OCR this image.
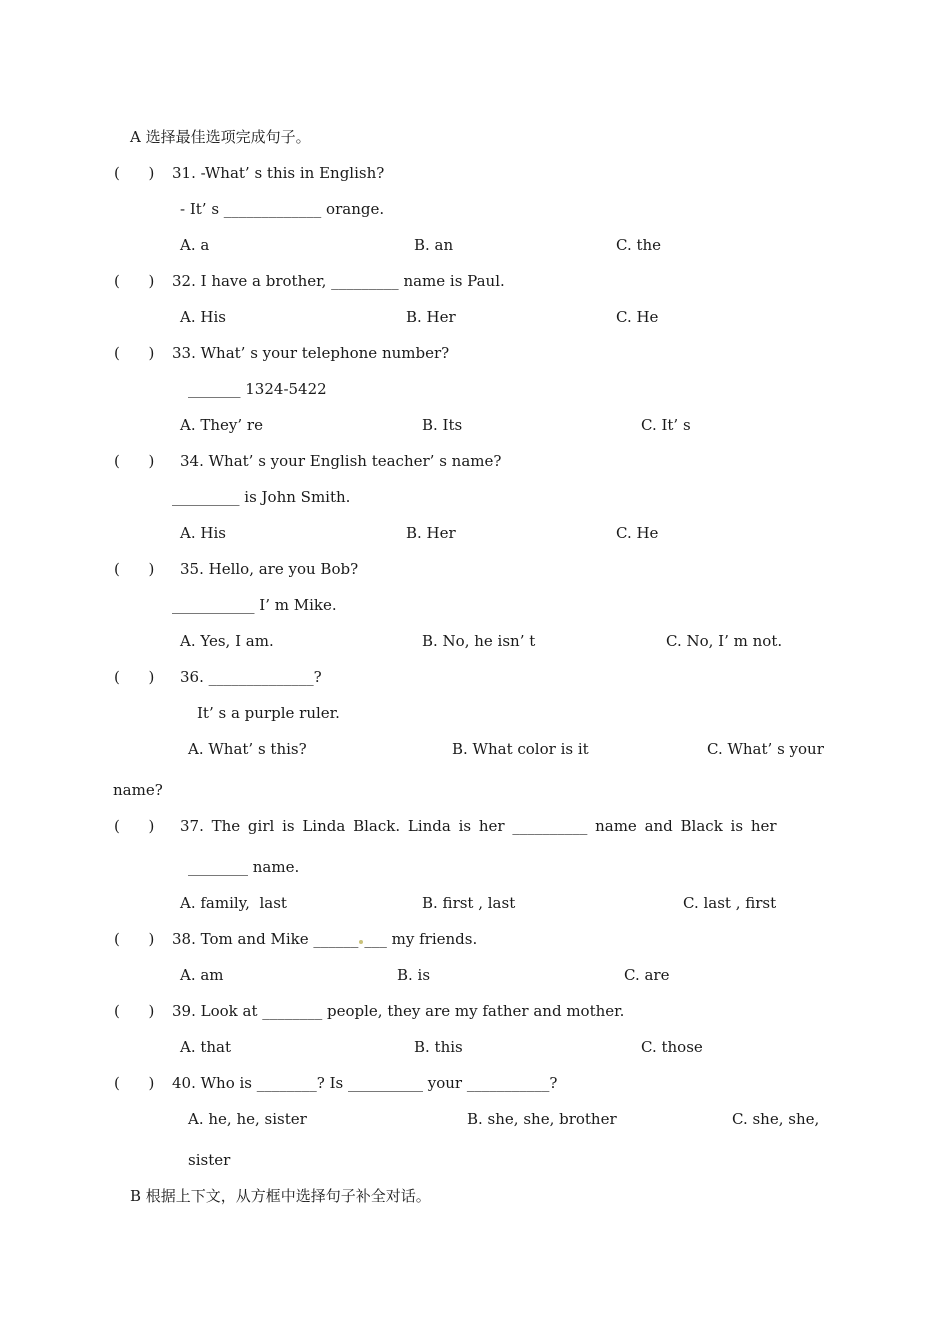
A 选择最佳选项完成句子。
(      ) 31. -What’ s this in English?
- It’ s _____________ orange.
A. a	B. an	C. the
(      ) 32. I have a brother, _________ name is Paul.
A. His	B. Her	C. He
(      ) 33. What’ s your telephone number?
_______ 1324-5422
A. They’ re	B. Its	C. It’ s
(      ) 34. What’ s your English teacher’ s name?
_________ is John Smith.
A. His	B. Her	C. He
(      ) 35. Hello, are you Bob?
___________ I’ m Mike.
A. Yes, I am.	B. No, he isn’ t	C. No, I’ m not.
(      ) 36. ______________?
It’ s a purple ruler.
A. What’ s this?	B. What color is it	C. What’ s your
name?
(      ) 37. The girl is Linda Black. Linda is her __________ name and Black is her
________ name.
A. family,  last	B. first , last	C. last , first
(      ) 38. Tom and Mike ______ ___ my friends.
A. am	B. is	C. are
(      ) 39. Look at ________ people, they are my father and mother.
A. that	B. this	C. those
(      ) 40. Who is ________? Is __________ your ___________?
A. he, he, sister	B. she, she, brother	C. she, she,
sister
B 根据上下文，从方框中选择句子补全对话。
